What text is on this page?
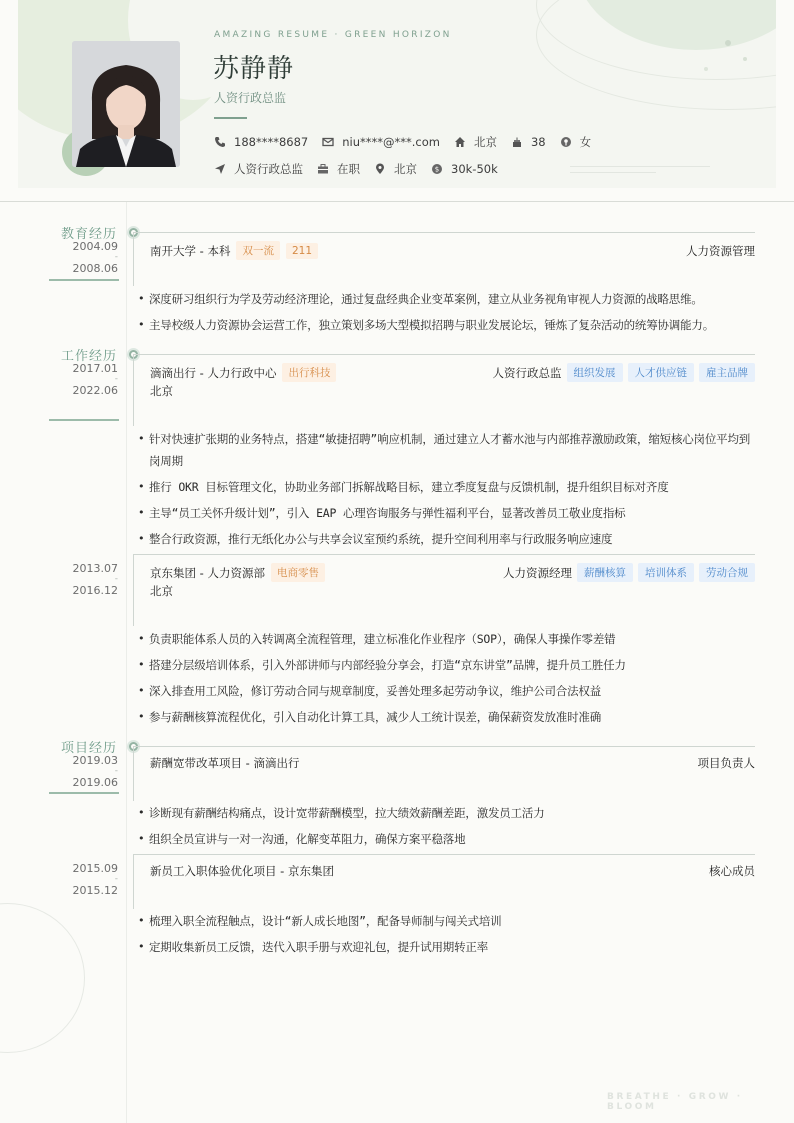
AMAZING RESUME · GREEN HORIZON
苏静静
人资行政总监
188****8687	niu****@***.com	北京	38	女
人资行政总监	在职	北京	$ 30k-50k
教育经历
2004.09
-
2008.06
南开大学 - 本科	双一流	211	人力资源管理
• 深度研习组织行为学及劳动经济理论，通过复盘经典企业变革案例，建立从业务视角审视人力资源的战略思维。
• 主导校级人力资源协会运营工作，独立策划多场大型模拟招聘与职业发展论坛，锤炼了复杂活动的统筹协调能力。
工作经历
2017.01
-
2022.06
滴滴出行 - 人力行政中心	出行科技	人资行政总监	组织发展	人才供应链	雇主品牌
北京
• 针对快速扩张期的业务特点，搭建“敏捷招聘”响应机制，通过建立人才蓄水池与内部推荐激励政策，缩短核心岗位平均到岗周期
• 推行 OKR 目标管理文化，协助业务部门拆解战略目标，建立季度复盘与反馈机制，提升组织目标对齐度
• 主导“员工关怀升级计划”，引入 EAP 心理咨询服务与弹性福利平台，显著改善员工敬业度指标
• 整合行政资源，推行无纸化办公与共享会议室预约系统，提升空间利用率与行政服务响应速度
2013.07
-
2016.12
京东集团 - 人力资源部	电商零售	人力资源经理	薪酬核算	培训体系	劳动合规
北京
• 负责职能体系人员的入转调离全流程管理，建立标准化作业程序（SOP），确保人事操作零差错
• 搭建分层级培训体系，引入外部讲师与内部经验分享会，打造“京东讲堂”品牌，提升员工胜任力
• 深入排查用工风险，修订劳动合同与规章制度，妥善处理多起劳动争议，维护公司合法权益
• 参与薪酬核算流程优化，引入自动化计算工具，减少人工统计误差，确保薪资发放准时准确
项目经历
2019.03
-
2019.06
薪酬宽带改革项目 - 滴滴出行	项目负责人
• 诊断现有薪酬结构痛点，设计宽带薪酬模型，拉大绩效薪酬差距，激发员工活力
• 组织全员宣讲与一对一沟通，化解变革阻力，确保方案平稳落地
2015.09
-
2015.12
新员工入职体验优化项目 - 京东集团	核心成员
• 梳理入职全流程触点，设计“新人成长地图”，配备导师制与闯关式培训
• 定期收集新员工反馈，迭代入职手册与欢迎礼包，提升试用期转正率
BREATHE · GROW · BLOOM
